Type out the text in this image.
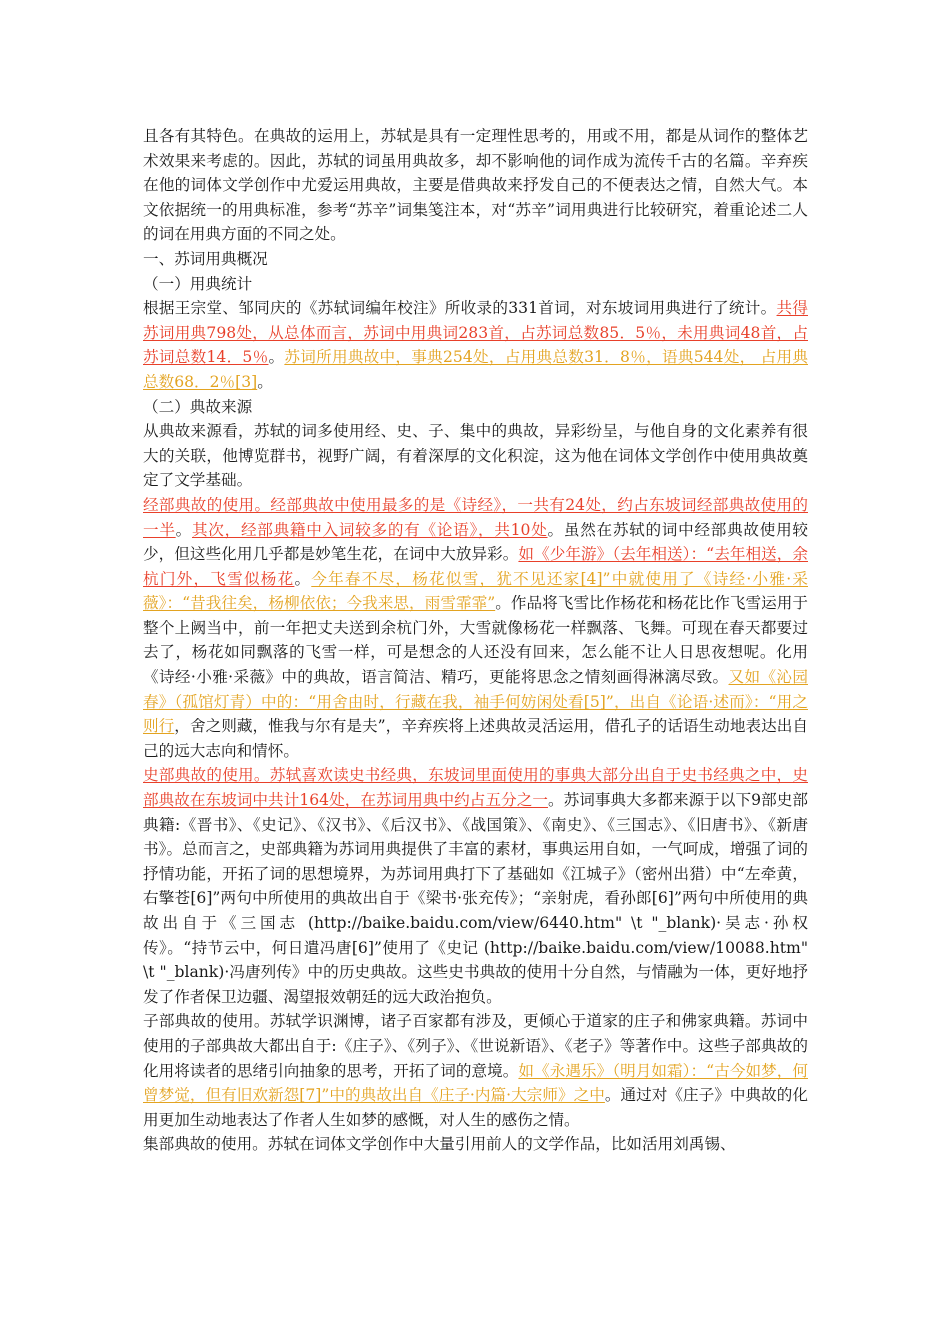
且各有其特色。在典故的运用上，苏轼是具有一定理性思考的，用或不用，都是从词作的整体艺术效果来考虑的。因此，苏轼的词虽用典故多，却不影响他的词作成为流传千古的名篇。辛弃疾在他的词体文学创作中尤爱运用典故，主要是借典故来抒发自己的不便表达之情，自然大气。本文依据统一的用典标准，参考“苏辛”词集笺注本，对“苏辛”词用典进行比较研究，着重论述二人的词在用典方面的不同之处。

一、苏词用典概况

（一）用典统计

根据王宗堂、邹同庆的《苏轼词编年校注》所收录的331首词，对东坡词用典进行了统计。共得苏词用典798处，从总体而言，苏词中用典词283首，占苏词总数85．5％，未用典词48首，占苏词总数14．5％。苏词所用典故中，事典254处，占用典总数31．8％，语典544处， 占用典总数68．2％[3]。

（二）典故来源

从典故来源看，苏轼的词多使用经、史、子、集中的典故，异彩纷呈，与他自身的文化素养有很大的关联，他博览群书，视野广阔，有着深厚的文化积淀，这为他在词体文学创作中使用典故奠定了文学基础。

经部典故的使用。经部典故中使用最多的是《诗经》，一共有24处，约占东坡词经部典故使用的一半。其次，经部典籍中入词较多的有《论语》，共10处。虽然在苏轼的词中经部典故使用较少，但这些化用几乎都是妙笔生花，在词中大放异彩。如《少年游》（去年相送）：“去年相送，余杭门外，飞雪似杨花。今年春不尽，杨花似雪，犹不见还家[4]”中就使用了《诗经·小雅·采薇》：“昔我往矣，杨柳依依；今我来思，雨雪霏霏”。作品将飞雪比作杨花和杨花比作飞雪运用于整个上阙当中，前一年把丈夫送到余杭门外，大雪就像杨花一样飘落、飞舞。可现在春天都要过去了，杨花如同飘落的飞雪一样，可是想念的人还没有回来，怎么能不让人日思夜想呢。化用《诗经·小雅·采薇》中的典故，语言简洁、精巧，更能将思念之情刻画得淋漓尽致。又如《沁园春》（孤馆灯青）中的：“用舍由时，行藏在我，袖手何妨闲处看[5]”，出自《论语·述而》：“用之则行，舍之则藏，惟我与尔有是夫”，辛弃疾将上述典故灵活运用，借孔子的话语生动地表达出自己的远大志向和情怀。

史部典故的使用。苏轼喜欢读史书经典，东坡词里面使用的事典大部分出自于史书经典之中，史部典故在东坡词中共计164处，在苏词用典中约占五分之一。苏词事典大多都来源于以下9部史部典籍:《晋书》、《史记》、《汉书》、《后汉书》、《战国策》、《南史》、《三国志》、《旧唐书》、《新唐书》。总而言之，史部典籍为苏词用典提供了丰富的素材，事典运用自如，一气呵成，增强了词的抒情功能，开拓了词的思想境界，为苏词用典打下了基础如《江城子》（密州出猎）中“左牵黄，右擎苍[6]”两句中所使用的典故出自于《梁书·张充传》；“亲射虎，看孙郎[6]”两句中所使用的典故出自于《三国志 (http://baike.baidu.com/view/6440.htm" \t "_blank)·吴志·孙权传》。“持节云中，何日遣冯唐[6]”使用了《史记 (http://baike.baidu.com/view/10088.htm" \t "_blank)·冯唐列传》中的历史典故。这些史书典故的使用十分自然，与情融为一体，更好地抒发了作者保卫边疆、渴望报效朝廷的远大政治抱负。

子部典故的使用。苏轼学识渊博，诸子百家都有涉及，更倾心于道家的庄子和佛家典籍。苏词中使用的子部典故大都出自于:《庄子》、《列子》、《世说新语》、《老子》等著作中。这些子部典故的化用将读者的思绪引向抽象的思考，开拓了词的意境。如《永遇乐》（明月如霜）：“古今如梦，何曾梦觉，但有旧欢新怨[7]”中的典故出自《庄子·内篇·大宗师》之中。通过对《庄子》中典故的化用更加生动地表达了作者人生如梦的感慨，对人生的感伤之情。

集部典故的使用。苏轼在词体文学创作中大量引用前人的文学作品，比如活用刘禹锡、
